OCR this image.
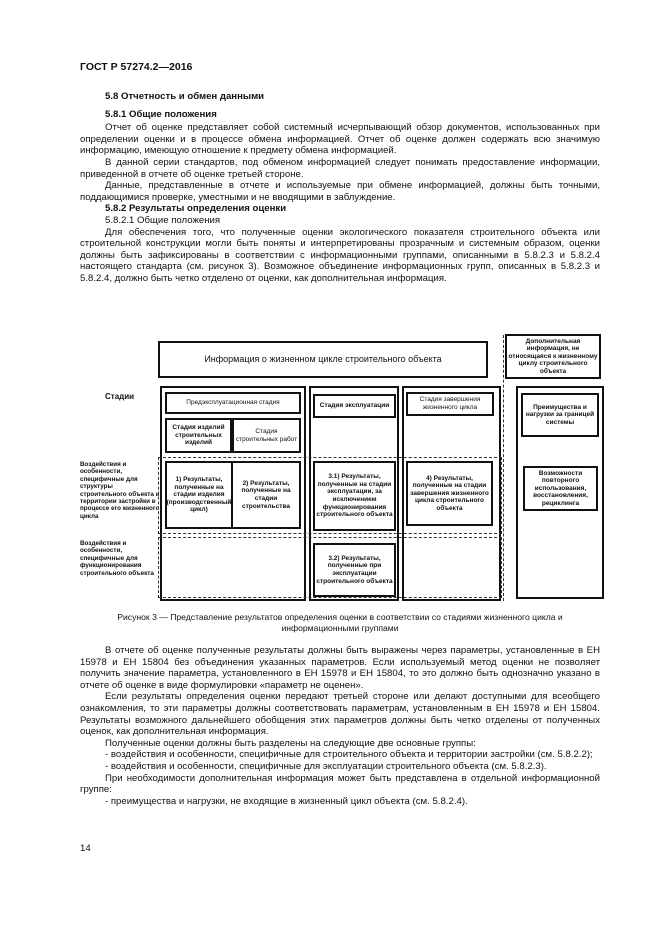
ГОСТ Р 57274.2—2016

5.8 Отчетность и обмен данными

5.8.1 Общие положения

Отчет об оценке представляет собой системный исчерпывающий обзор документов, использованных при определении оценки и в процессе обмена информацией. Отчет об оценке должен содержать всю значимую информацию, имеющую отношение к предмету обмена информацией.

В данной серии стандартов, под обменом информацией следует понимать предоставление информации, приведенной в отчете об оценке третьей стороне.

Данные, представленные в отчете и используемые при обмене информацией, должны быть точными, поддающимися проверке, уместными и не вводящими в заблуждение.

5.8.2 Результаты определения оценки

5.8.2.1 Общие положения

Для обеспечения того, что полученные оценки экологического показателя строительного объекта или строительной конструкции могли быть поняты и интерпретированы прозрачным и системным образом, оценки должны быть зафиксированы в соответствии с информационными группами, описанными в 5.8.2.3 и 5.8.2.4 настоящего стандарта (см. рисунок 3). Возможное объединение информационных групп, описанных в 5.8.2.3 и 5.8.2.4, должно быть четко отделено от оценки, как дополнительная информация.

Информация о жизненном цикле строительного объекта
Дополнительная информация, не относящаяся к жизненному циклу строительного объекта
Стадии
Воздействия и особенности, специфичные для структуры строительного объекта и территории застройки в процессе его жизненного цикла
Воздействия и особенности, специфичные для функционирования строительного объекта
Предэксплуатационная стадия
Стадия изделий строительных изделий
Стадия строительных работ
Стадия эксплуатации
Стадия завершения жизненного цикла	Преимущества и нагрузки за границей системы
1) Результаты, полученные на стадии изделия (производственный цикл)
2) Результаты, полученные на стадии строительства
3.1) Результаты, полученные на стадии эксплуатации, за исключением функционирования строительного объекта
4) Результаты, полученные на стадии завершения жизненного цикла строительного объекта
3.2) Результаты, полученные при эксплуатации строительного объекта
Возможности повторного использования, восстановления, рециклинга
Рисунок 3 — Представление результатов определения оценки в соответствии со стадиями жизненного цикла и информационными группами

В отчете об оценке полученные результаты должны быть выражены через параметры, установленные в ЕН 15978 и ЕН 15804 без объединения указанных параметров. Если используемый метод оценки не позволяет получить значение параметра, установленного в ЕН 15978 и ЕН 15804, то это должно быть однозначно указано в отчете об оценке в виде формулировки «параметр не оценен».

Если результаты определения оценки передают третьей стороне или делают доступными для всеобщего ознакомления, то эти параметры должны соответствовать параметрам, установленным в ЕН 15978 и ЕН 15804. Результаты возможного дальнейшего обобщения этих параметров должны быть четко отделены от полученных оценок, как дополнительная информация.

Полученные оценки должны быть разделены на следующие две основные группы:

- воздействия и особенности, специфичные для строительного объекта и территории застройки (см. 5.8.2.2);

- воздействия и особенности, специфичные для эксплуатации строительного объекта (см. 5.8.2.3).

При необходимости дополнительная информация может быть представлена в отдельной информационной группе:

- преимущества и нагрузки, не входящие в жизненный цикл объекта (см. 5.8.2.4).

14
